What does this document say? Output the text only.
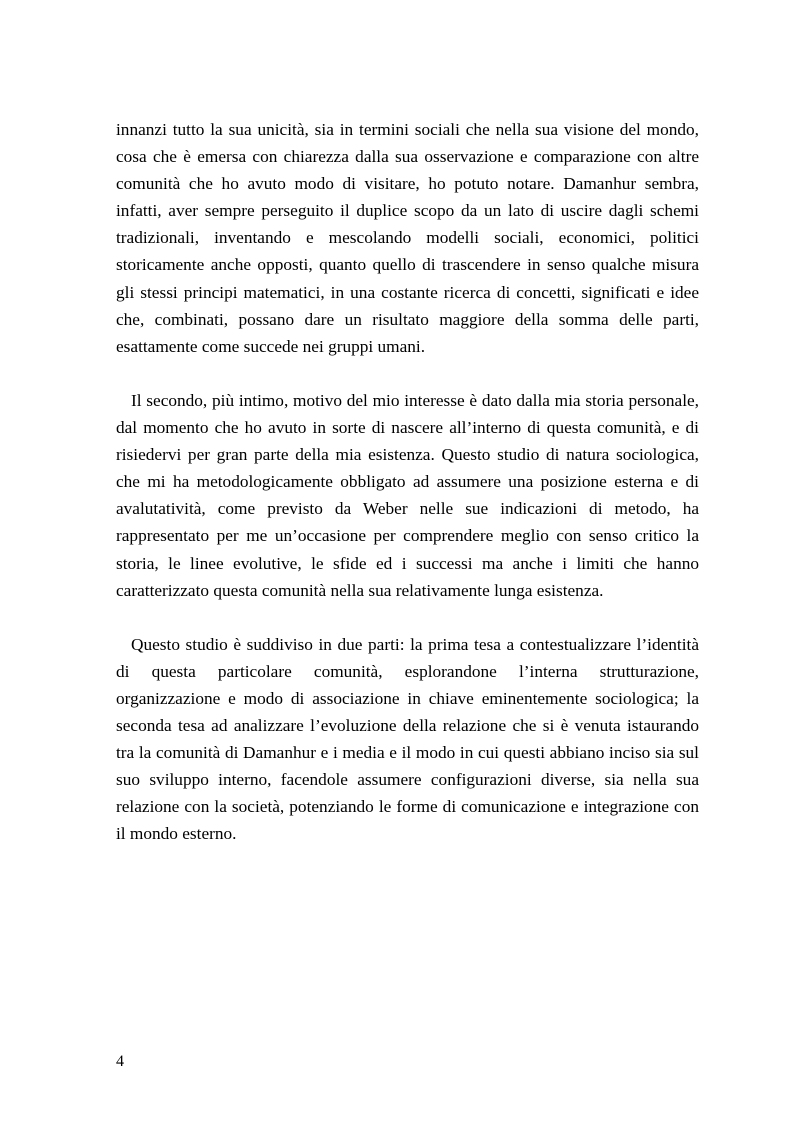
innanzi tutto la sua unicità, sia in termini sociali che nella sua visione del mondo, cosa che è emersa con chiarezza dalla sua osservazione e comparazione con altre comunità che ho avuto modo di visitare, ho potuto notare. Damanhur sembra, infatti, aver sempre perseguito il duplice scopo da un lato di uscire dagli schemi tradizionali, inventando e mescolando modelli sociali, economici, politici storicamente anche opposti, quanto quello di trascendere in senso qualche misura gli stessi principi matematici, in una costante ricerca di concetti, significati e idee che, combinati, possano dare un risultato maggiore della somma delle parti, esattamente come succede nei gruppi umani.

Il secondo, più intimo, motivo del mio interesse è dato dalla mia storia personale, dal momento che ho avuto in sorte di nascere all’interno di questa comunità, e di risiedervi per gran parte della mia esistenza. Questo studio di natura sociologica, che mi ha metodologicamente obbligato ad assumere una posizione esterna e di avalutatività, come previsto da Weber nelle sue indicazioni di metodo, ha rappresentato per me un’occasione per comprendere meglio con senso critico la storia, le linee evolutive, le sfide ed i successi ma anche i limiti che hanno caratterizzato questa comunità nella sua relativamente lunga esistenza.

Questo studio è suddiviso in due parti: la prima tesa a contestualizzare l’identità di questa particolare comunità, esplorandone l’interna strutturazione, organizzazione e modo di associazione in chiave eminentemente sociologica; la seconda tesa ad analizzare l’evoluzione della relazione che si è venuta istaurando tra la comunità di Damanhur e i media e il modo in cui questi abbiano inciso sia sul suo sviluppo interno, facendole assumere configurazioni diverse, sia nella sua relazione con la società, potenziando le forme di comunicazione e integrazione con il mondo esterno.

4
